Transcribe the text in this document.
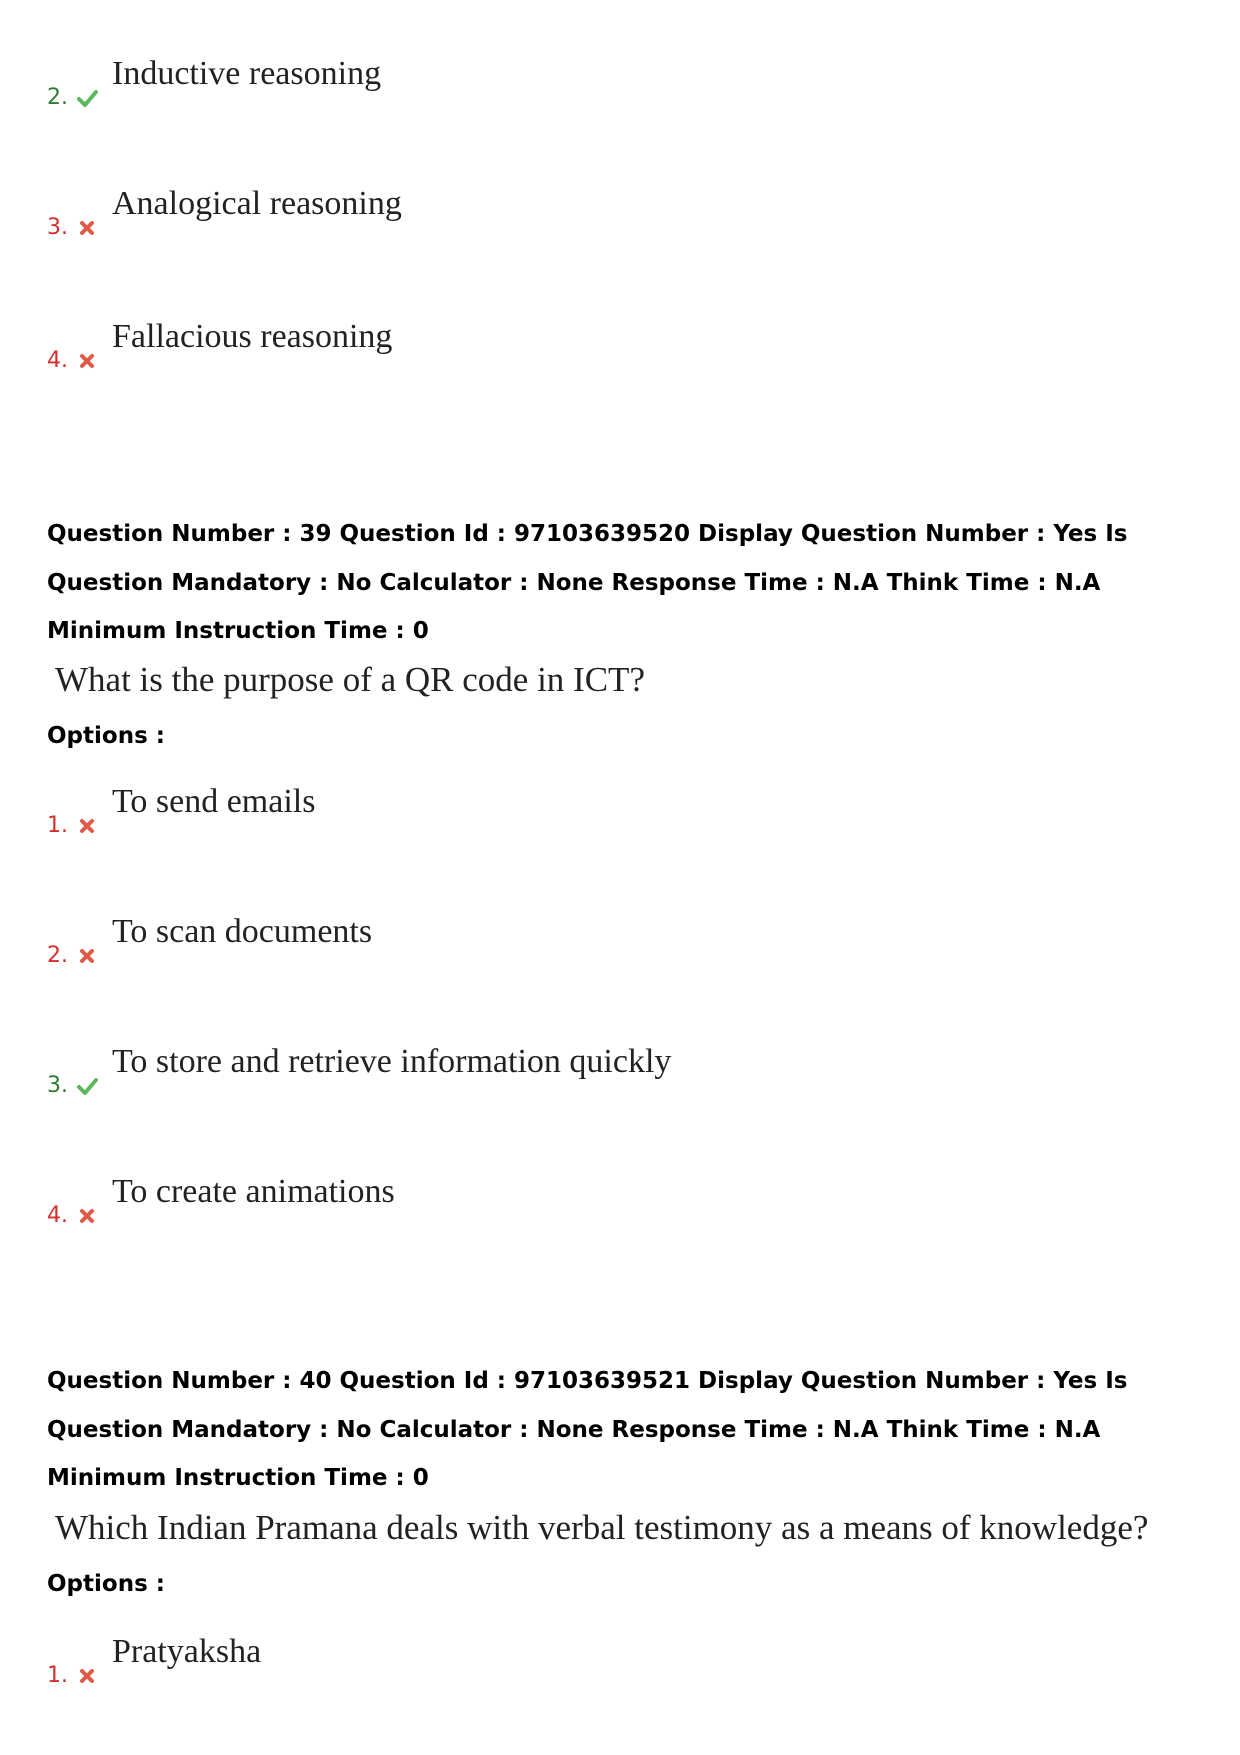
2.
Inductive reasoning
3.
Analogical reasoning
4.
Fallacious reasoning
Question Number : 39 Question Id : 97103639520 Display Question Number : Yes Is Question Mandatory : No Calculator : None Response Time : N.A Think Time : N.A Minimum Instruction Time : 0
What is the purpose of a QR code in ICT?
Options :
1.
To send emails
2.
To scan documents
3.
To store and retrieve information quickly
4.
To create animations
Question Number : 40 Question Id : 97103639521 Display Question Number : Yes Is Question Mandatory : No Calculator : None Response Time : N.A Think Time : N.A Minimum Instruction Time : 0
Which Indian Pramana deals with verbal testimony as a means of knowledge?
Options :
1.
Pratyaksha
